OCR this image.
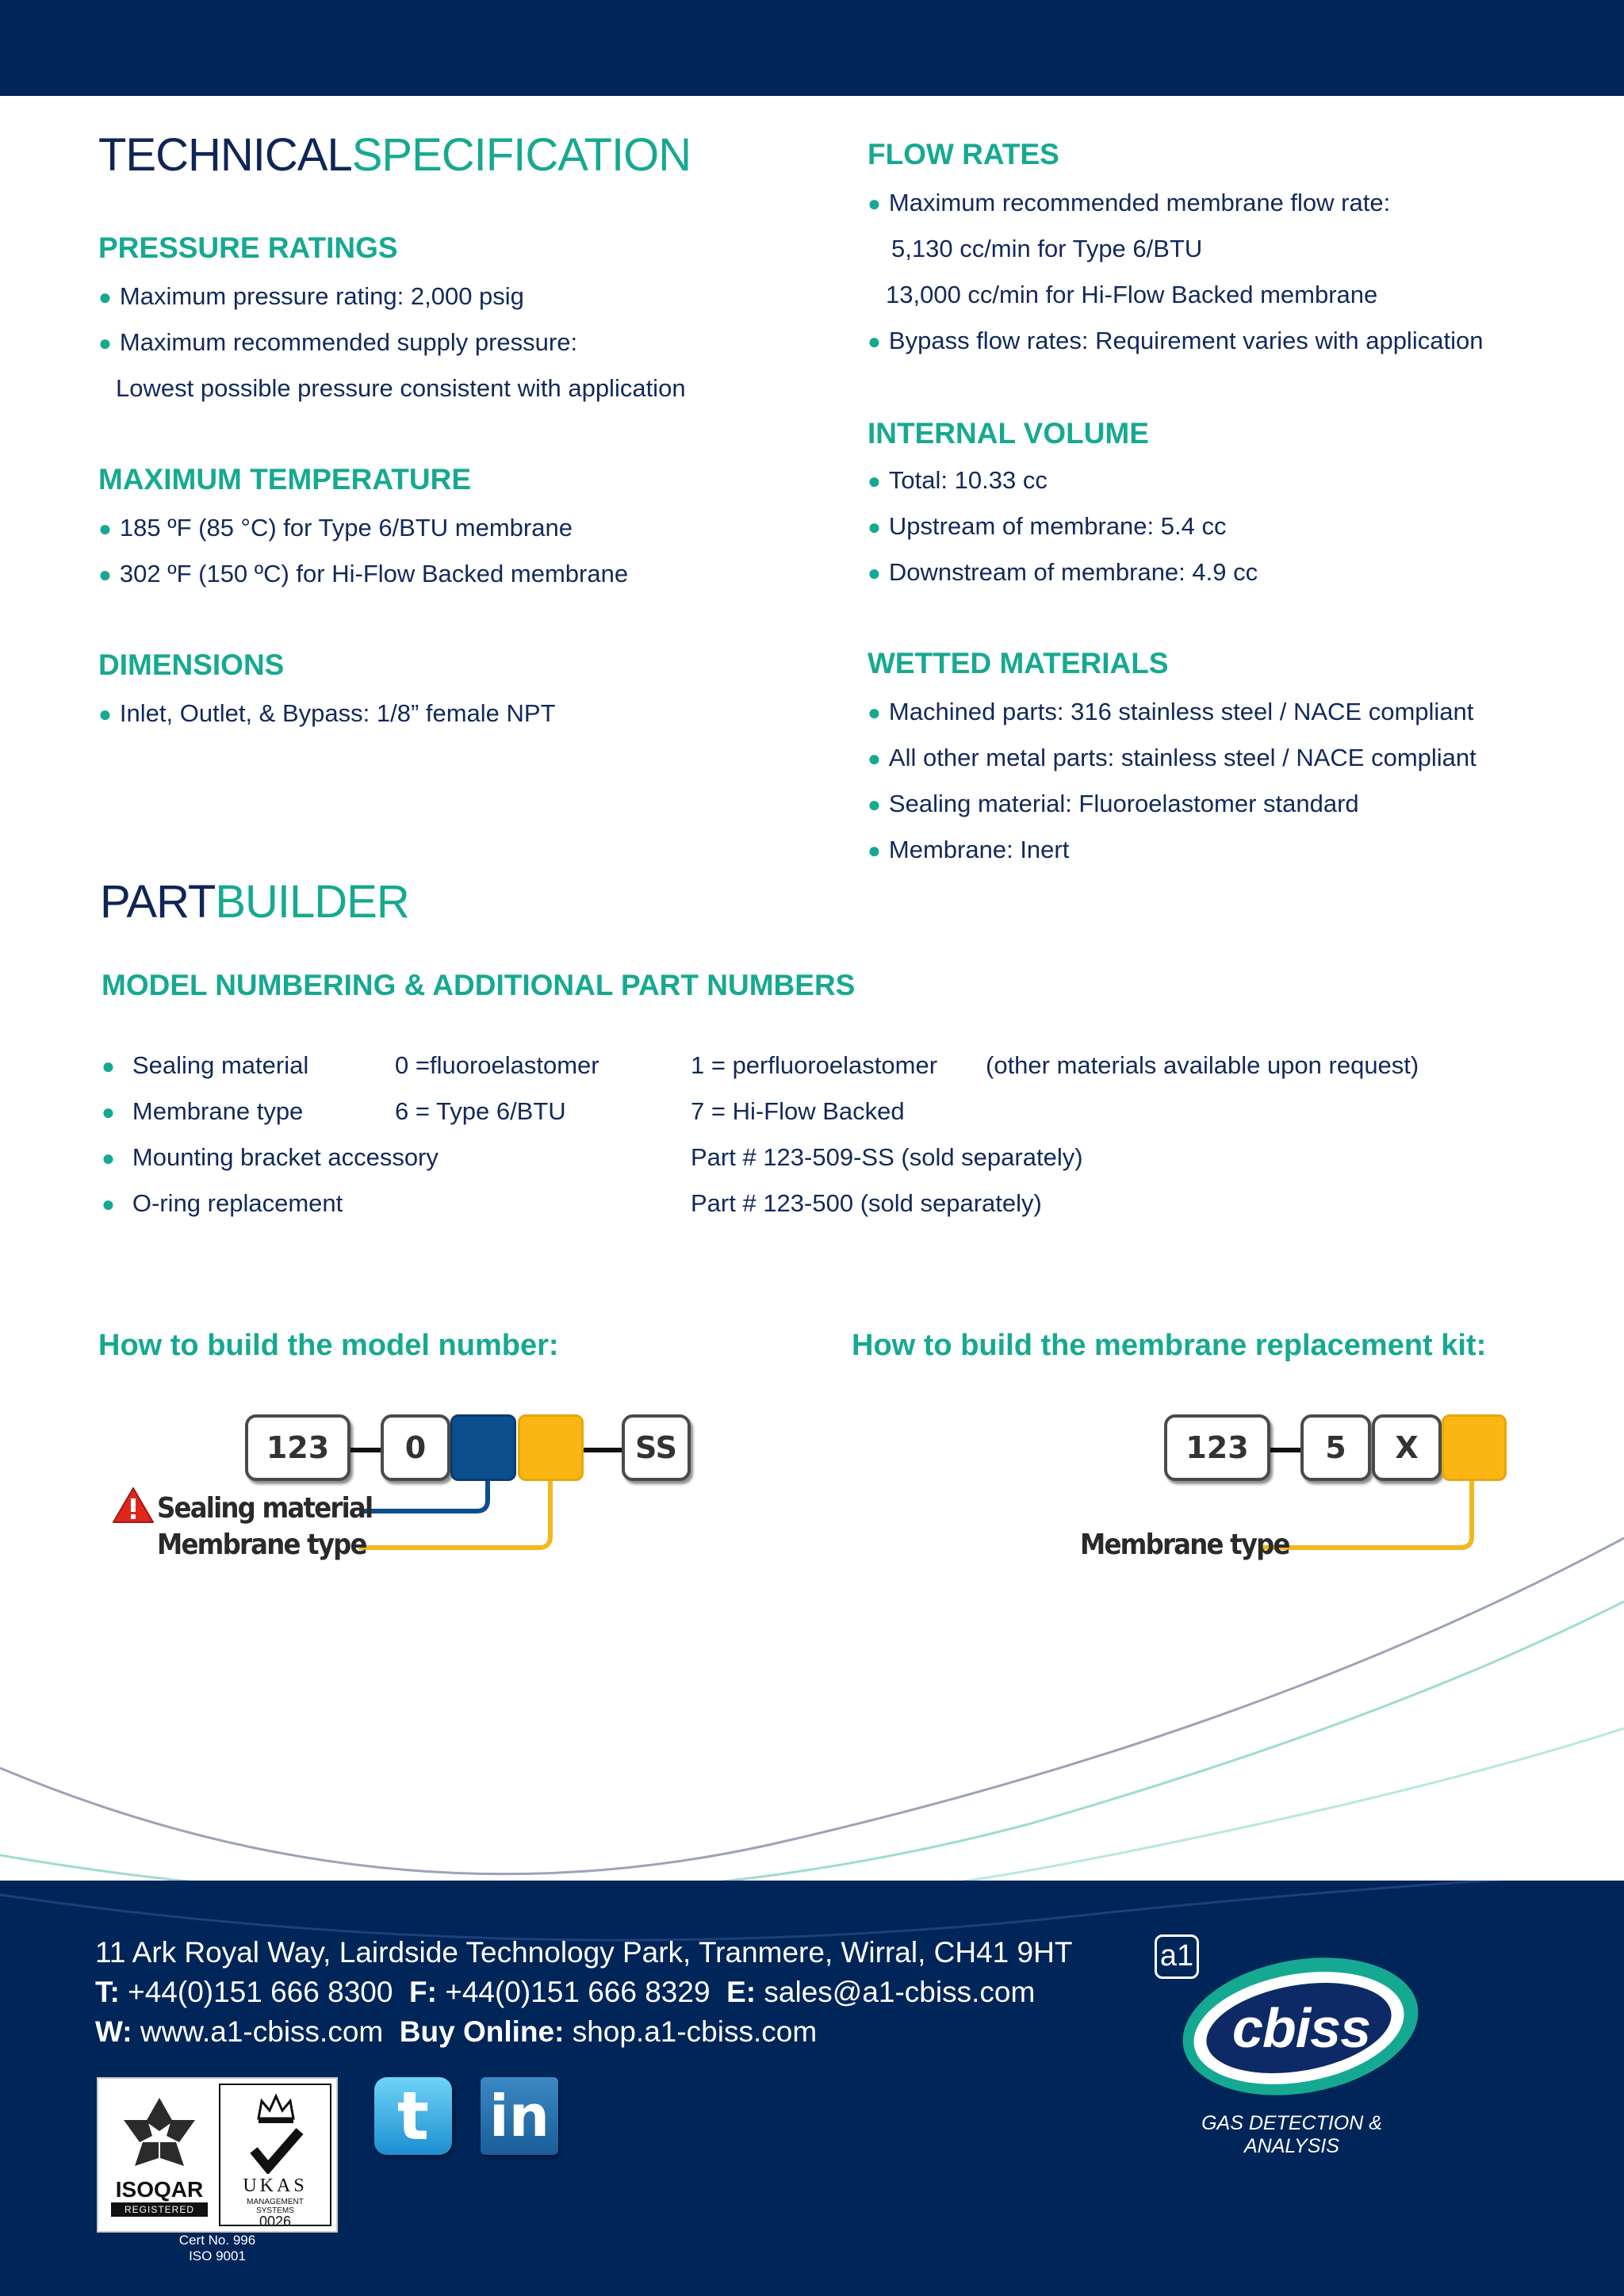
TECHNICALSPECIFICATION
PRESSURE RATINGS
● Maximum pressure rating: 2,000 psig
● Maximum recommended supply pressure:
Lowest possible pressure consistent with application
MAXIMUM TEMPERATURE
● 185 ºF (85 °C) for Type 6/BTU membrane
● 302 ºF (150 ºC) for Hi-Flow Backed membrane
DIMENSIONS
● Inlet, Outlet, & Bypass: 1/8” female NPT
FLOW RATES
● Maximum recommended membrane flow rate:
5,130 cc/min for Type 6/BTU
13,000 cc/min for Hi-Flow Backed membrane
● Bypass flow rates: Requirement varies with application
INTERNAL VOLUME
● Total: 10.33 cc
● Upstream of membrane: 5.4 cc
● Downstream of membrane: 4.9 cc
WETTED MATERIALS
● Machined parts: 316 stainless steel / NACE compliant
● All other metal parts: stainless steel / NACE compliant
● Sealing material: Fluoroelastomer standard
● Membrane: Inert
PARTBUILDER
MODEL NUMBERING & ADDITIONAL PART NUMBERS
● Sealing material	0 =fluoroelastomer	1 = perfluoroelastomer (other materials available upon request)
● Membrane type	6 = Type 6/BTU	7 = Hi-Flow Backed
● Mounting bracket accessory	Part # 123-509-SS (sold separately)
● O-ring replacement	Part # 123-500 (sold separately)
How to build the model number:
123	0	SS
Sealing material
Membrane type
How to build the membrane replacement kit:
123	5	X
Membrane type
11 Ark Royal Way, Lairdside Technology Park, Tranmere, Wirral, CH41 9HT
T: +44(0)151 666 8300 F: +44(0)151 666 8329 E: sales@a1-cbiss.com
W: www.a1-cbiss.com Buy Online: shop.a1-cbiss.com
ISOQAR
REGISTERED
UKAS
MANAGEMENT
SYSTEMS
0026
Cert No. 996
ISO 9001
t	in
a1
cbiss
GAS DETECTION & ANALYSIS
